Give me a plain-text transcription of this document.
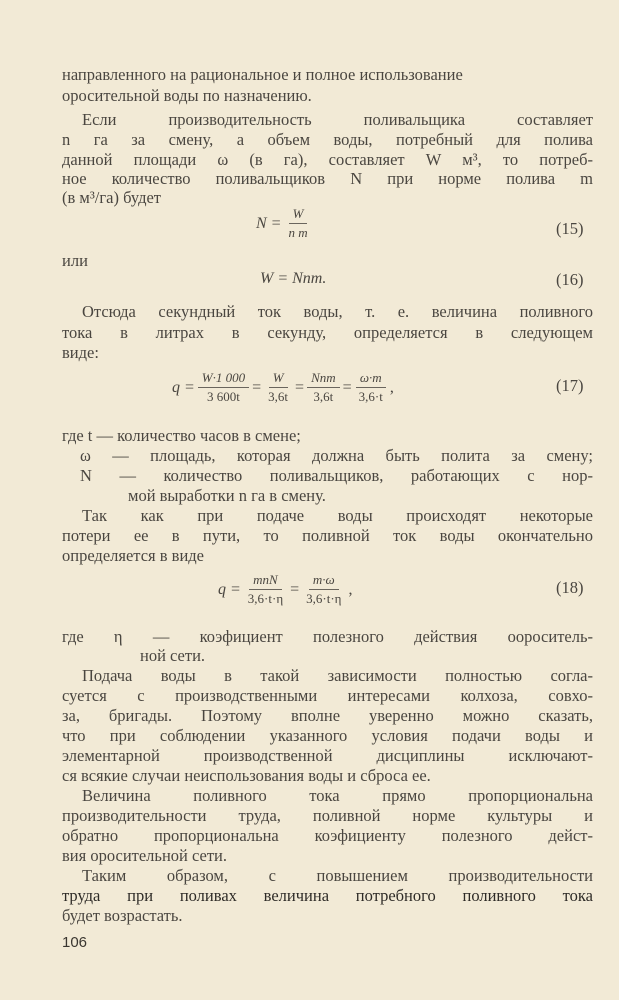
направленного на рациональное и полное использование
оросительной воды по назначению.
Если производительность поливальщика составляет
n га за смену, а объем воды, потребный для полива
данной площади ω (в га), составляет W м³, то потреб-
ное количество поливальщиков N при норме полива m
(в м³/га) будет
$N = \frac{W}{\text{n m}}$	(15)
или
W = Nnm.	(16)
Отсюда секундный ток воды, т. е. величина поливного
тока в литрах в секунду, определяется в следующем
виде:
$q = \frac{W\cdot 1 000}{3 600t} = \frac{W}{3,6t} = \frac{\text{Nnm}}{3,6t} = \frac{\omega\cdot m}{3,6\cdot t}$ ,	(17)
где t — количество часов в смене;
ω — площадь, которая должна быть полита за смену;
N — количество поливальщиков, работающих с нор-
мой выработки n га в смену.
Так как при подаче воды происходят некоторые
потери ее в пути, то поливной ток воды окончательно
определяется в виде
$q = \frac{\text{mnN}}{3,6\cdot t\cdot\eta} = \frac{m\cdot\omega}{3,6\cdot t\cdot\eta}$ ,	(18)
где η — коэфициент полезного действия оороситель-
ной сети.
Подача воды в такой зависимости полностью согла-
суется с производственными интересами колхоза, совхо-
за, бригады. Поэтому вполне уверенно можно сказать,
что при соблюдении указанного условия подачи воды и
элементарной производственной дисциплины исключают-
ся всякие случаи неиспользования воды и сброса ее.
Величина поливного тока прямо пропорциональна
производительности труда, поливной норме культуры и
обратно пропорциональна коэфициенту полезного дейст-
вия оросительной сети.
Таким образом, с повышением производительности
труда при поливах величина потребного поливного тока
будет возрастать.
106
